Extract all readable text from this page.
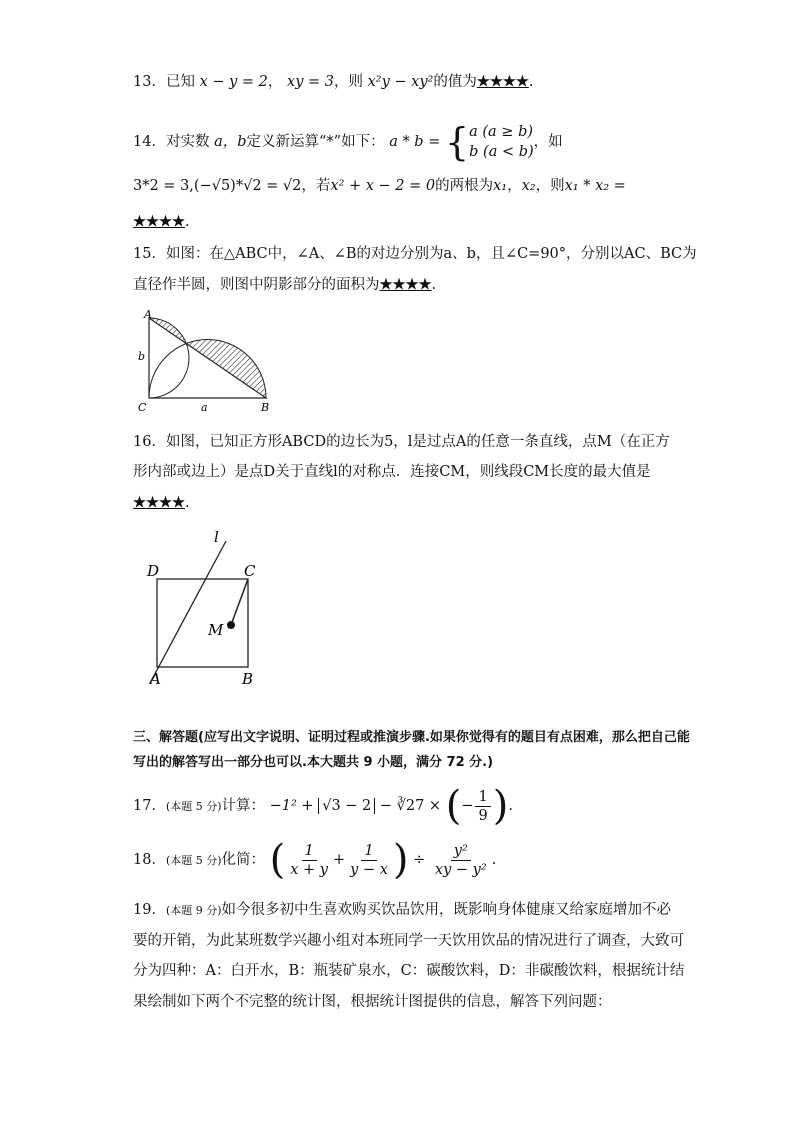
13．已知 x − y = 2， xy = 3，则 x²y − xy²的值为★★★★.
14．对实数 a，b定义新运算“*”如下： a * b = {a (a ≥ b)
b (a < b)，如
3*2 = 3,(−√5)*√2 = √2，若x² + x − 2 = 0的两根为x₁，x₂，则x₁ * x₂ =
★★★★.
15．如图：在△ABC中，∠A、∠B的对边分别为a、b，且∠C=90°，分别以AC、BC为
直径作半圆，则图中阴影部分的面积为★★★★.
A
b
C	a	B
16．如图，已知正方形ABCD的边长为5，l是过点A的任意一条直线，点M（在正方
形内部或边上）是点D关于直线l的对称点．连接CM，则线段CM长度的最大值是
★★★★.
l
D	C
M
A	B
三、解答题(应写出文字说明、证明过程或推演步骤.如果你觉得有的题目有点困难，那么把自己能
写出的解答写出一部分也可以.本大题共 9 小题，满分 72 分.)
17．(本题 5 分)计算： −1² + √3 − 2 − ∛27 × (− $\frac{1}{9}$ ).
18．(本题 5 分)化简： ( $\frac{1}{x + y} + \frac{1}{y - x}$ ) ÷ $\frac{\text{y²}}{\text{xy − y²}}$ .
19．(本题 9 分)如今很多初中生喜欢购买饮品饮用，既影响身体健康又给家庭增加不必
要的开销，为此某班数学兴趣小组对本班同学一天饮用饮品的情况进行了调查，大致可
分为四种：A：白开水，B：瓶装矿泉水，C：碳酸饮料，D：非碳酸饮料，根据统计结
果绘制如下两个不完整的统计图，根据统计图提供的信息，解答下列问题：
